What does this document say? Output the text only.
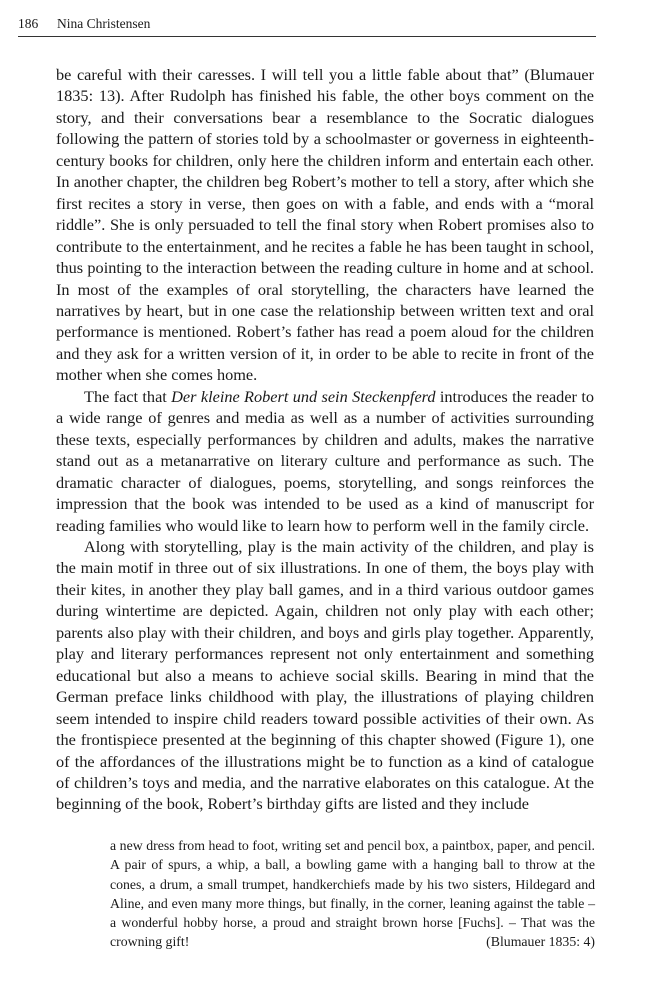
186 Nina Christensen

be careful with their caresses. I will tell you a little fable about that” (Blumauer 1835: 13). After Rudolph has finished his fable, the other boys comment on the story, and their conversations bear a resemblance to the Socratic dialogues following the pattern of stories told by a schoolmaster or governess in eighteenth-century books for children, only here the children inform and entertain each other. In another chapter, the children beg Robert’s mother to tell a story, after which she first recites a story in verse, then goes on with a fable, and ends with a “moral riddle”. She is only persuaded to tell the final story when Robert promises also to contribute to the entertainment, and he recites a fable he has been taught in school, thus pointing to the interaction between the reading culture in home and at school. In most of the examples of oral storytelling, the characters have learned the narratives by heart, but in one case the relationship between written text and oral performance is mentioned. Robert’s father has read a poem aloud for the children and they ask for a written version of it, in order to be able to recite in front of the mother when she comes home.

The fact that Der kleine Robert und sein Steckenpferd introduces the reader to a wide range of genres and media as well as a number of activities surrounding these texts, especially performances by children and adults, makes the narrative stand out as a metanarrative on literary culture and performance as such. The dramatic character of dialogues, poems, storytelling, and songs reinforces the impression that the book was intended to be used as a kind of manuscript for reading families who would like to learn how to perform well in the family circle.

Along with storytelling, play is the main activity of the children, and play is the main motif in three out of six illustrations. In one of them, the boys play with their kites, in another they play ball games, and in a third various outdoor games during wintertime are depicted. Again, children not only play with each other; parents also play with their children, and boys and girls play together. Apparently, play and literary performances represent not only entertainment and something educational but also a means to achieve social skills. Bearing in mind that the German preface links childhood with play, the illustrations of playing children seem intended to inspire child readers toward possible activities of their own. As the frontispiece presented at the beginning of this chapter showed (Figure 1), one of the affordances of the illustrations might be to function as a kind of catalogue of children’s toys and media, and the narrative elaborates on this catalogue. At the beginning of the book, Robert’s birthday gifts are listed and they include

a new dress from head to foot, writing set and pencil box, a paintbox, paper, and pencil. A pair of spurs, a whip, a ball, a bowling game with a hanging ball to throw at the cones, a drum, a small trumpet, handkerchiefs made by his two sisters, Hildegard and Aline, and even many more things, but finally, in the corner, leaning against the table – a wonderful hobby horse, a proud and straight brown horse [Fuchs]. – That was the crowning gift!	(Blumauer 1835: 4)
